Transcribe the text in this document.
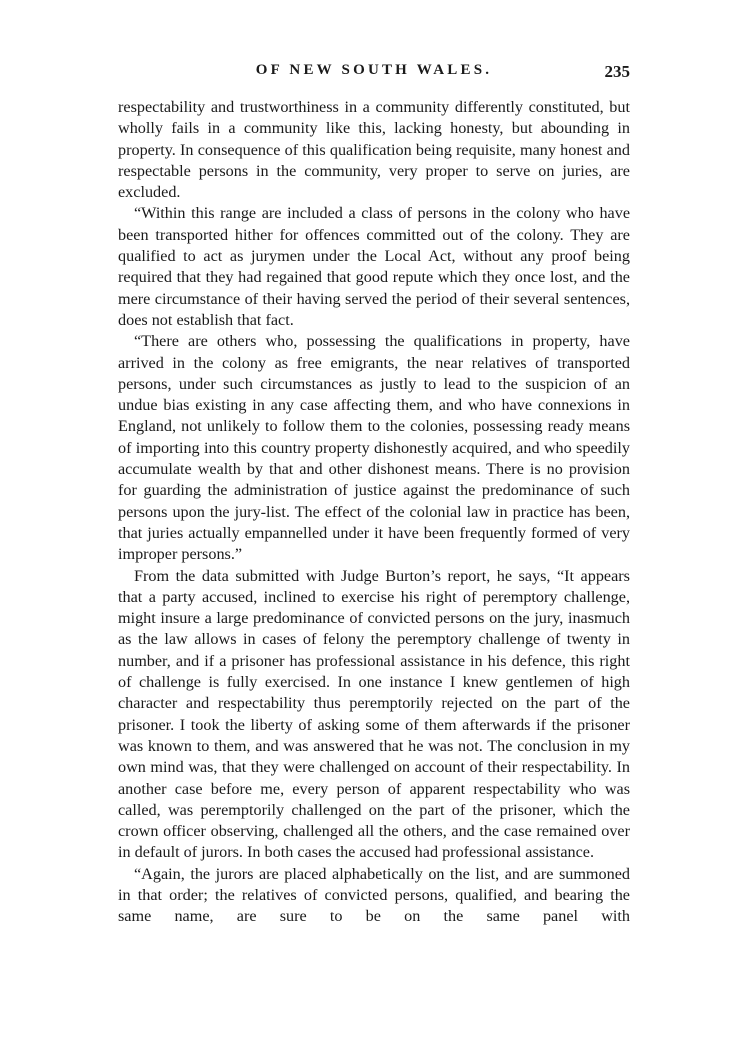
OF NEW SOUTH WALES.	235

respectability and trustworthiness in a community differently constituted, but wholly fails in a community like this, lacking honesty, but abounding in property. In consequence of this qualification being requisite, many honest and respectable persons in the community, very proper to serve on juries, are excluded.

“Within this range are included a class of persons in the colony who have been transported hither for offences committed out of the colony. They are qualified to act as jurymen under the Local Act, without any proof being required that they had regained that good repute which they once lost, and the mere circumstance of their having served the period of their several sentences, does not establish that fact.

“There are others who, possessing the qualifications in property, have arrived in the colony as free emigrants, the near relatives of transported persons, under such circumstances as justly to lead to the suspicion of an undue bias existing in any case affecting them, and who have connexions in England, not unlikely to follow them to the colonies, possessing ready means of importing into this country property dishonestly acquired, and who speedily accumulate wealth by that and other dishonest means. There is no provision for guarding the administration of justice against the predominance of such persons upon the jury-list. The effect of the colonial law in practice has been, that juries actually empannelled under it have been frequently formed of very improper persons.”

From the data submitted with Judge Burton’s report, he says, “It appears that a party accused, inclined to exercise his right of peremptory challenge, might insure a large predominance of convicted persons on the jury, inasmuch as the law allows in cases of felony the peremptory challenge of twenty in number, and if a prisoner has professional assistance in his defence, this right of challenge is fully exercised. In one instance I knew gentlemen of high character and respectability thus peremptorily rejected on the part of the prisoner. I took the liberty of asking some of them afterwards if the prisoner was known to them, and was answered that he was not. The conclusion in my own mind was, that they were challenged on account of their respectability. In another case before me, every person of apparent respectability who was called, was peremptorily challenged on the part of the prisoner, which the crown officer observing, challenged all the others, and the case remained over in default of jurors. In both cases the accused had professional assistance.

“Again, the jurors are placed alphabetically on the list, and are summoned in that order; the relatives of convicted persons, qualified, and bearing the same name, are sure to be on the same panel with
